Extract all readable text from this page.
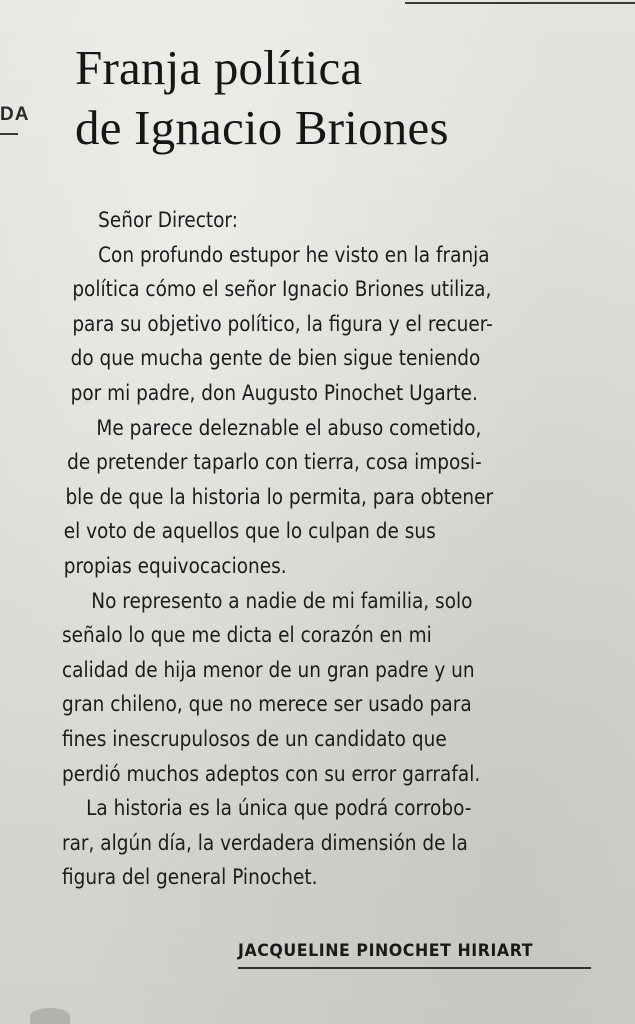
DA
Franja política
de Ignacio Briones
Señor Director:
Con profundo estupor he visto en la franja
política cómo el señor Ignacio Briones utiliza,
para su objetivo político, la figura y el recuer-
do que mucha gente de bien sigue teniendo
por mi padre, don Augusto Pinochet Ugarte.
Me parece deleznable el abuso cometido,
de pretender taparlo con tierra, cosa imposi-
ble de que la historia lo permita, para obtener
el voto de aquellos que lo culpan de sus
propias equivocaciones.
No represento a nadie de mi familia, solo
señalo lo que me dicta el corazón en mi
calidad de hija menor de un gran padre y un
gran chileno, que no merece ser usado para
fines inescrupulosos de un candidato que
perdió muchos adeptos con su error garrafal.
La historia es la única que podrá corrobo-
rar, algún día, la verdadera dimensión de la
figura del general Pinochet.

JACQUELINE PINOCHET HIRIART
